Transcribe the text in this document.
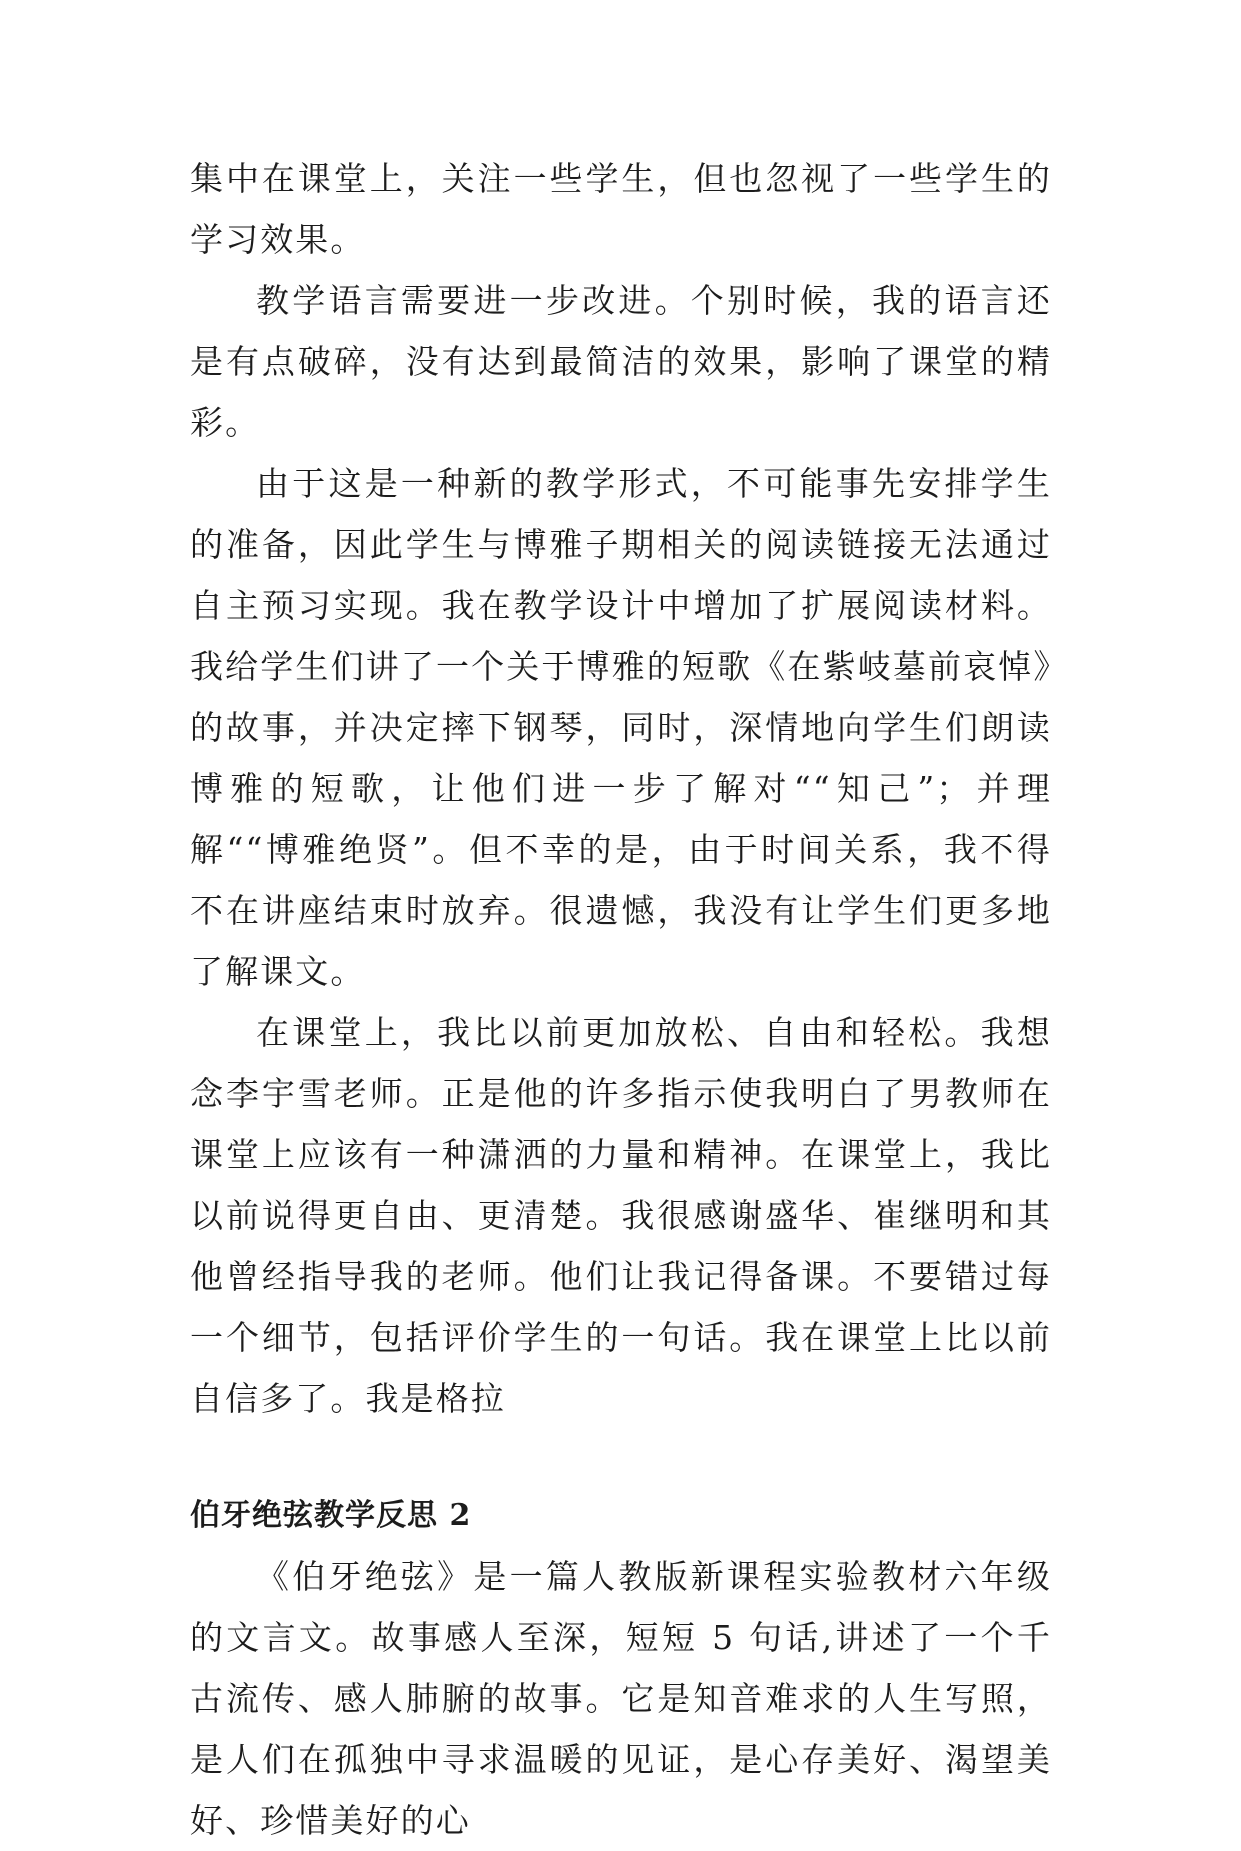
集中在课堂上，关注一些学生，但也忽视了一些学生的学习效果。

教学语言需要进一步改进。个别时候，我的语言还是有点破碎，没有达到最简洁的效果，影响了课堂的精彩。

由于这是一种新的教学形式，不可能事先安排学生的准备，因此学生与博雅子期相关的阅读链接无法通过自主预习实现。我在教学设计中增加了扩展阅读材料。我给学生们讲了一个关于博雅的短歌《在紫岐墓前哀悼》的故事，并决定摔下钢琴，同时，深情地向学生们朗读博雅的短歌，让他们进一步了解对““知己”；并理解““博雅绝贤”。但不幸的是，由于时间关系，我不得不在讲座结束时放弃。很遗憾，我没有让学生们更多地了解课文。

在课堂上，我比以前更加放松、自由和轻松。我想念李宇雪老师。正是他的许多指示使我明白了男教师在课堂上应该有一种潇洒的力量和精神。在课堂上，我比以前说得更自由、更清楚。我很感谢盛华、崔继明和其他曾经指导我的老师。他们让我记得备课。不要错过每一个细节，包括评价学生的一句话。我在课堂上比以前自信多了。我是格拉

伯牙绝弦教学反思 2

《伯牙绝弦》是一篇人教版新课程实验教材六年级的文言文。故事感人至深，短短 5 句话,讲述了一个千古流传、感人肺腑的故事。它是知音难求的人生写照，是人们在孤独中寻求温暖的见证，是心存美好、渴望美好、珍惜美好的心
